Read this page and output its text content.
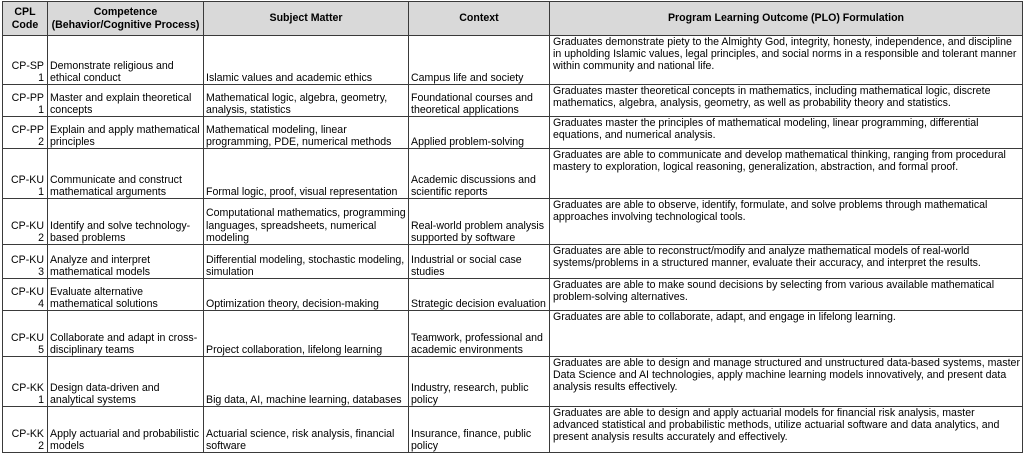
CPL Code	Competence (Behavior/Cognitive Process)	Subject Matter	Context	Program Learning Outcome (PLO) Formulation
CP-SP 1	Demonstrate religious and ethical conduct	Islamic values and academic ethics	Campus life and society	Graduates demonstrate piety to the Almighty God, integrity, honesty, independence, and discipline in upholding Islamic values, legal principles, and social norms in a responsible and tolerant manner within community and national life.
CP-PP 1	Master and explain theoretical concepts	Mathematical logic, algebra, geometry, analysis, statistics	Foundational courses and theoretical applications	Graduates master theoretical concepts in mathematics, including mathematical logic, discrete mathematics, algebra, analysis, geometry, as well as probability theory and statistics.
CP-PP 2	Explain and apply mathematical principles	Mathematical modeling, linear programming, PDE, numerical methods	Applied problem-solving	Graduates master the principles of mathematical modeling, linear programming, differential equations, and numerical analysis.
CP-KU 1	Communicate and construct mathematical arguments	Formal logic, proof, visual representation	Academic discussions and scientific reports	Graduates are able to communicate and develop mathematical thinking, ranging from procedural mastery to exploration, logical reasoning, generalization, abstraction, and formal proof.
CP-KU 2	Identify and solve technology-based problems	Computational mathematics, programming languages, spreadsheets, numerical modeling	Real-world problem analysis supported by software	Graduates are able to observe, identify, formulate, and solve problems through mathematical approaches involving technological tools.
CP-KU 3	Analyze and interpret mathematical models	Differential modeling, stochastic modeling, simulation	Industrial or social case studies	Graduates are able to reconstruct/modify and analyze mathematical models of real-world systems/problems in a structured manner, evaluate their accuracy, and interpret the results.
CP-KU 4	Evaluate alternative mathematical solutions	Optimization theory, decision-making	Strategic decision evaluation	Graduates are able to make sound decisions by selecting from various available mathematical problem-solving alternatives.
CP-KU 5	Collaborate and adapt in cross-disciplinary teams	Project collaboration, lifelong learning	Teamwork, professional and academic environments	Graduates are able to collaborate, adapt, and engage in lifelong learning.
CP-KK 1	Design data-driven and analytical systems	Big data, AI, machine learning, databases	Industry, research, public policy	Graduates are able to design and manage structured and unstructured data-based systems, master Data Science and AI technologies, apply machine learning models innovatively, and present data analysis results effectively.
CP-KK 2	Apply actuarial and probabilistic models	Actuarial science, risk analysis, financial software	Insurance, finance, public policy	Graduates are able to design and apply actuarial models for financial risk analysis, master advanced statistical and probabilistic methods, utilize actuarial software and data analytics, and present analysis results accurately and effectively.
